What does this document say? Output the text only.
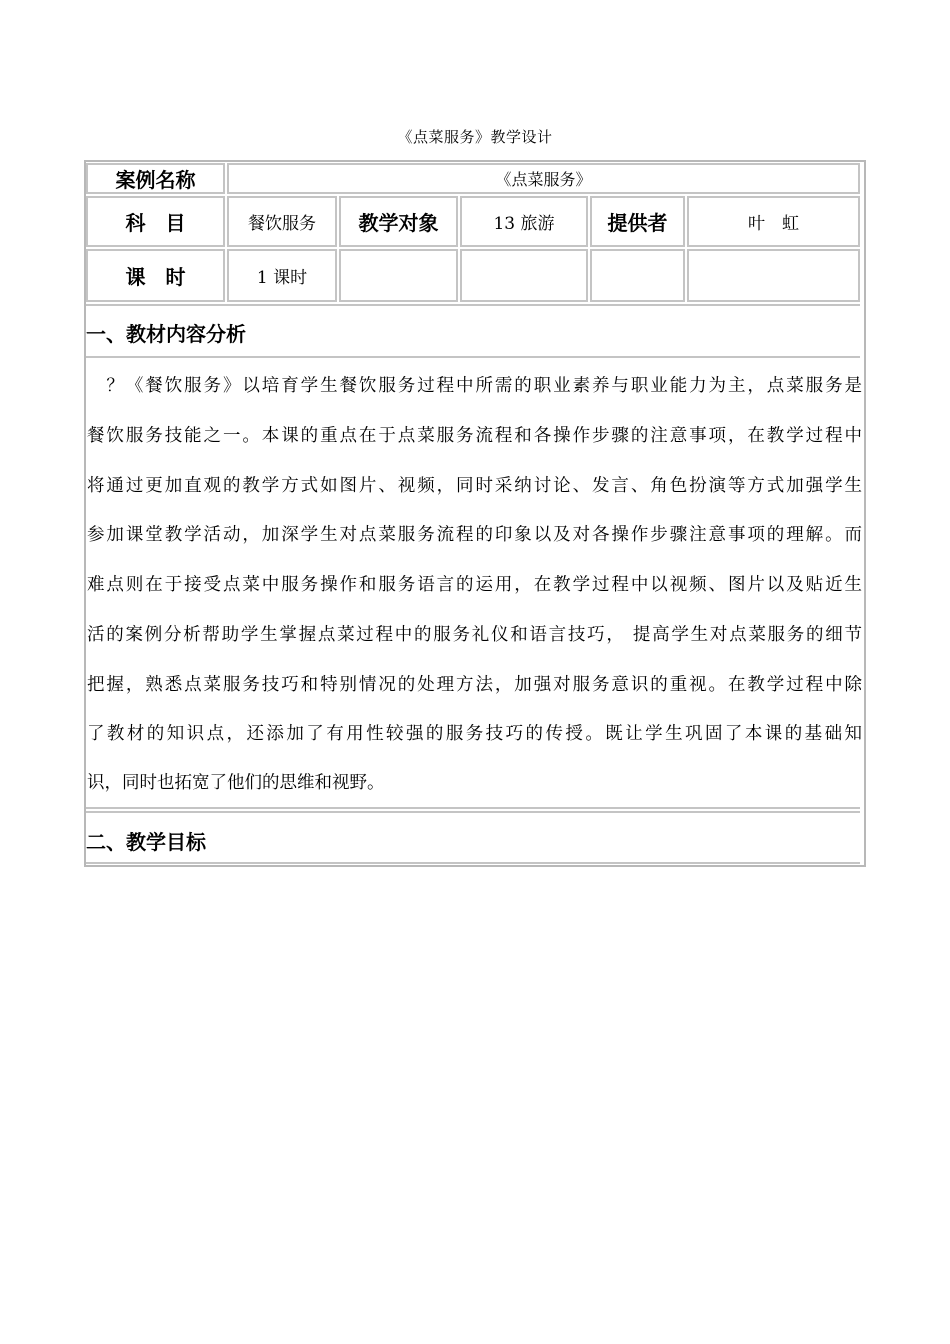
《点菜服务》教学设计
案例名称	《点菜服务》
科　目	餐饮服务	教学对象	13 旅游	提供者	叶　虹
课　时	1 课时
一、教材内容分析
　？《餐饮服务》以培育学生餐饮服务过程中所需的职业素养与职业能力为主，点菜服务是
餐饮服务技能之一。本课的重点在于点菜服务流程和各操作步骤的注意事项，在教学过程中
将通过更加直观的教学方式如图片、视频，同时采纳讨论、发言、角色扮演等方式加强学生
参加课堂教学活动，加深学生对点菜服务流程的印象以及对各操作步骤注意事项的理解。而
难点则在于接受点菜中服务操作和服务语言的运用，在教学过程中以视频、图片以及贴近生
活的案例分析帮助学生掌握点菜过程中的服务礼仪和语言技巧， 提高学生对点菜服务的细节
把握，熟悉点菜服务技巧和特别情况的处理方法，加强对服务意识的重视。在教学过程中除
了教材的知识点，还添加了有用性较强的服务技巧的传授。既让学生巩固了本课的基础知
识，同时也拓宽了他们的思维和视野。
二、教学目标
